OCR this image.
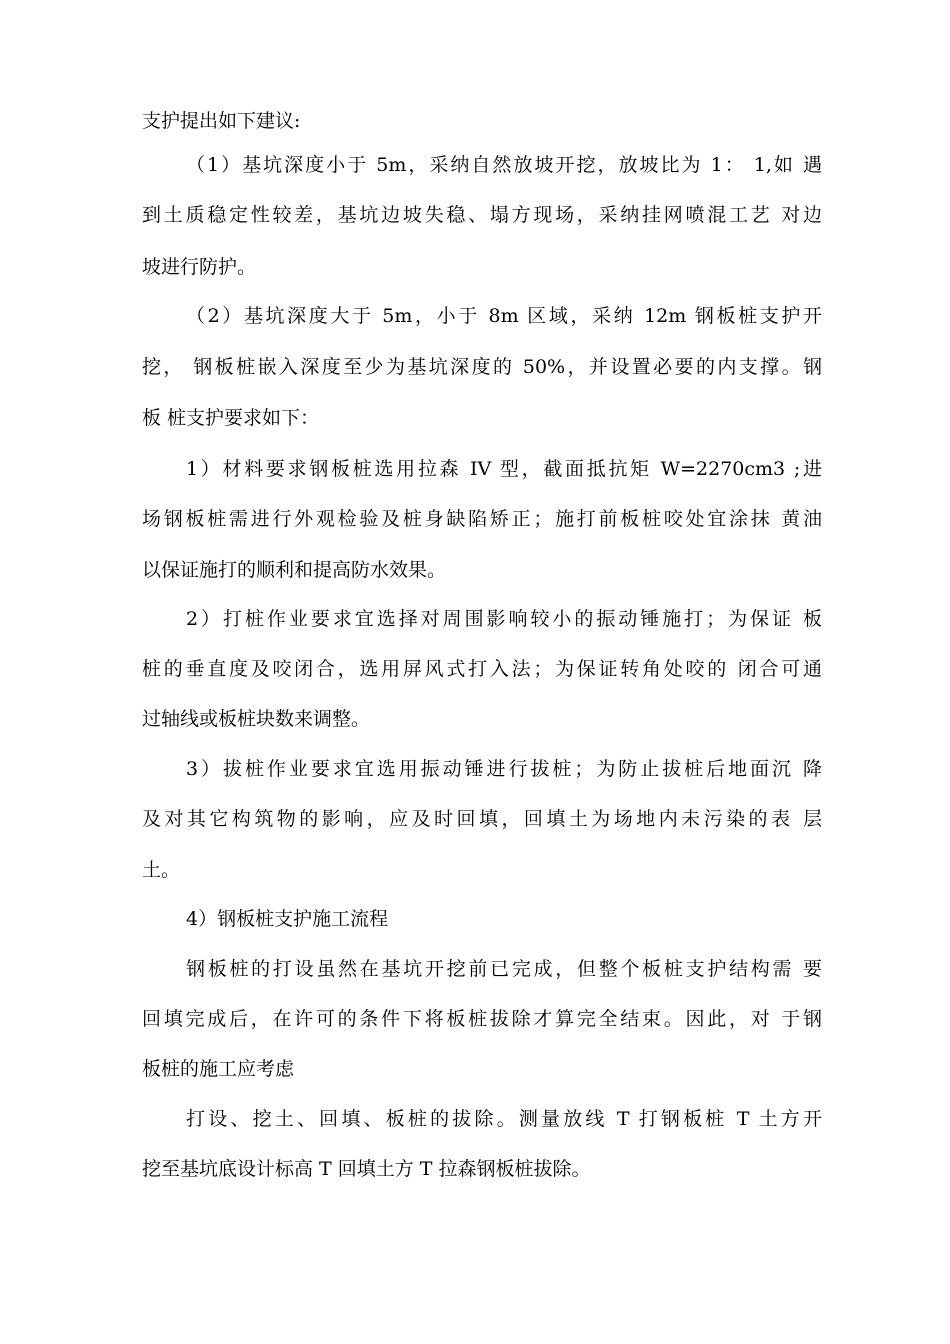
支护提出如下建议:
（1）基坑深度小于 5m，采纳自然放坡开挖，放坡比为 1： 1,如 遇
到土质稳定性较差，基坑边坡失稳、塌方现场，采纳挂网喷混工艺 对边
坡进行防护。
（2）基坑深度大于 5m，小于 8m 区域，采纳 12m 钢板桩支护开
挖， 钢板桩嵌入深度至少为基坑深度的 50%，并设置必要的内支撑。钢
板 桩支护要求如下：
1）材料要求钢板桩选用拉森 IV 型，截面抵抗矩 W=2270cm3 ;进
场钢板桩需进行外观检验及桩身缺陷矫正；施打前板桩咬处宜涂抹 黄油
以保证施打的顺利和提高防水效果。
2）打桩作业要求宜选择对周围影响较小的振动锤施打；为保证 板
桩的垂直度及咬闭合，选用屏风式打入法；为保证转角处咬的 闭合可通
过轴线或板桩块数来调整。
3）拔桩作业要求宜选用振动锤进行拔桩；为防止拔桩后地面沉 降
及对其它构筑物的影响，应及时回填，回填土为场地内未污染的表 层
土。
4）钢板桩支护施工流程
钢板桩的打设虽然在基坑开挖前已完成，但整个板桩支护结构需 要
回填完成后，在许可的条件下将板桩拔除才算完全结束。因此，对 于钢
板桩的施工应考虑
打设、挖土、回填、板桩的拔除。测量放线 T 打钢板桩 T 土方开
挖至基坑底设计标高 T 回填土方 T 拉森钢板桩拔除。
